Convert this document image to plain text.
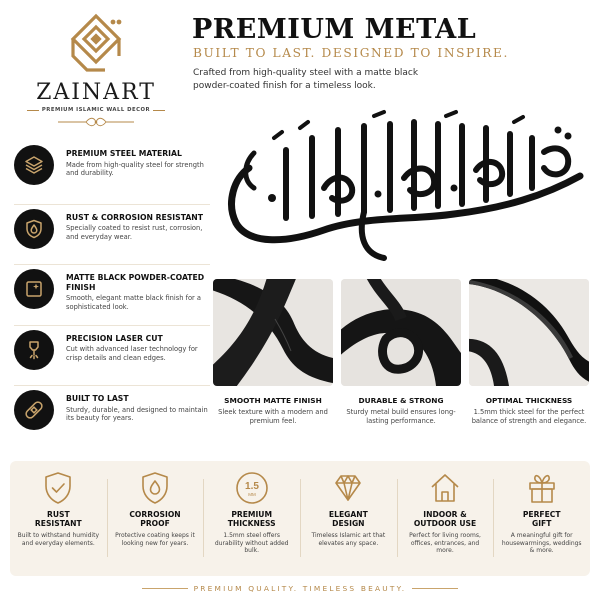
ZAINART
PREMIUM ISLAMIC WALL DECOR
PREMIUM METAL
BUILT TO LAST. DESIGNED TO INSPIRE.
Crafted from high-quality steel with a matte black powder-coated finish for a timeless look.
PREMIUM STEEL MATERIAL
Made from high-quality steel for strength and durability.
RUST & CORROSION RESISTANT
Specially coated to resist rust, corrosion, and everyday wear.
MATTE BLACK POWDER-COATED FINISH
Smooth, elegant matte black finish for a sophisticated look.
PRECISION LASER CUT
Cut with advanced laser technology for crisp details and clean edges.
BUILT TO LAST
Sturdy, durable, and designed to maintain its beauty for years.
SMOOTH MATTE FINISH
Sleek texture with a modern and premium feel.
DURABLE & STRONG
Sturdy metal build ensures long-lasting performance.
OPTIMAL THICKNESS
1.5mm thick steel for the perfect balance of strength and elegance.
RUST
RESISTANT
Built to withstand humidity and everyday elements.
CORROSION
PROOF
Protective coating keeps it looking new for years.
1.5
MM
PREMIUM
THICKNESS
1.5mm steel offers durability without added bulk.
ELEGANT
DESIGN
Timeless Islamic art that elevates any space.
INDOOR &
OUTDOOR USE
Perfect for living rooms, offices, entrances, and more.
PERFECT
GIFT
A meaningful gift for housewarmings, weddings & more.
PREMIUM QUALITY. TIMELESS BEAUTY.
